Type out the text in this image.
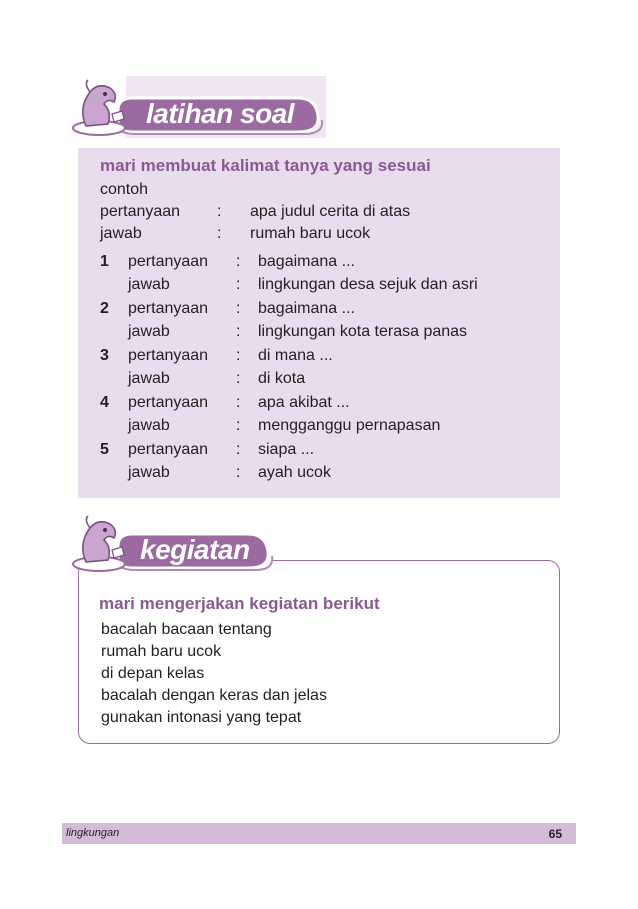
latihan soal
mari membuat kalimat tanya yang sesuai
contoh
pertanyaan : apa judul cerita di atas
jawab	: rumah baru ucok
1 pertanyaan : bagaimana ...
jawab	: lingkungan desa sejuk dan asri
2 pertanyaan : bagaimana ...
jawab	: lingkungan kota terasa panas
3 pertanyaan : di mana ...
jawab	: di kota
4 pertanyaan : apa akibat ...
jawab	: mengganggu pernapasan
5 pertanyaan : siapa ...
jawab	: ayah ucok
mari mengerjakan kegiatan berikut
bacalah bacaan tentang
rumah baru ucok
di depan kelas
bacalah dengan keras dan jelas
gunakan intonasi yang tepat
kegiatan
lingkungan	65
